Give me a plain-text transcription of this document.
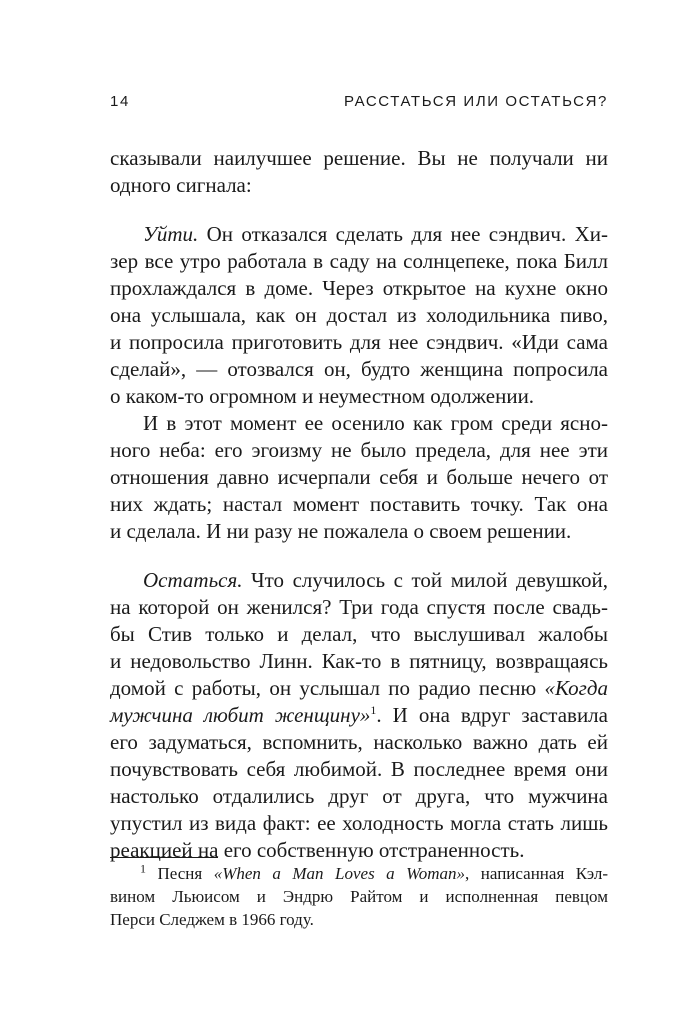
14	РАССТАТЬСЯ ИЛИ ОСТАТЬСЯ?
сказывали наилучшее решение. Вы не получали ни
одного сигнала:
Уйти. Он отказался сделать для нее сэндвич. Хи-
зер все утро работала в саду на солнцепеке, пока Билл
прохлаждался в доме. Через открытое на кухне окно
она услышала, как он достал из холодильника пиво,
и попросила приготовить для нее сэндвич. «Иди сама
сделай», — отозвался он, будто женщина попросила
о каком-то огромном и неуместном одолжении.
И в этот момент ее осенило как гром среди ясно-
ного неба: его эгоизму не было предела, для нее эти
отношения давно исчерпали себя и больше нечего от
них ждать; настал момент поставить точку. Так она
и сделала. И ни разу не пожалела о своем решении.
Остаться. Что случилось с той милой девушкой,
на которой он женился? Три года спустя после свадь-
бы Стив только и делал, что выслушивал жалобы
и недовольство Линн. Как-то в пятницу, возвращаясь
домой с работы, он услышал по радио песню «Когда
мужчина любит женщину»$^1$. И она вдруг заставила
его задуматься, вспомнить, насколько важно дать ей
почувствовать себя любимой. В последнее время они
настолько отдалились друг от друга, что мужчина
упустил из вида факт: ее холодность могла стать лишь
реакцией на его собственную отстраненность.
$^1$ Песня «When a Man Loves a Woman», написанная Кэл-
вином Льюисом и Эндрю Райтом и исполненная певцом
Перси Следжем в 1966 году.
